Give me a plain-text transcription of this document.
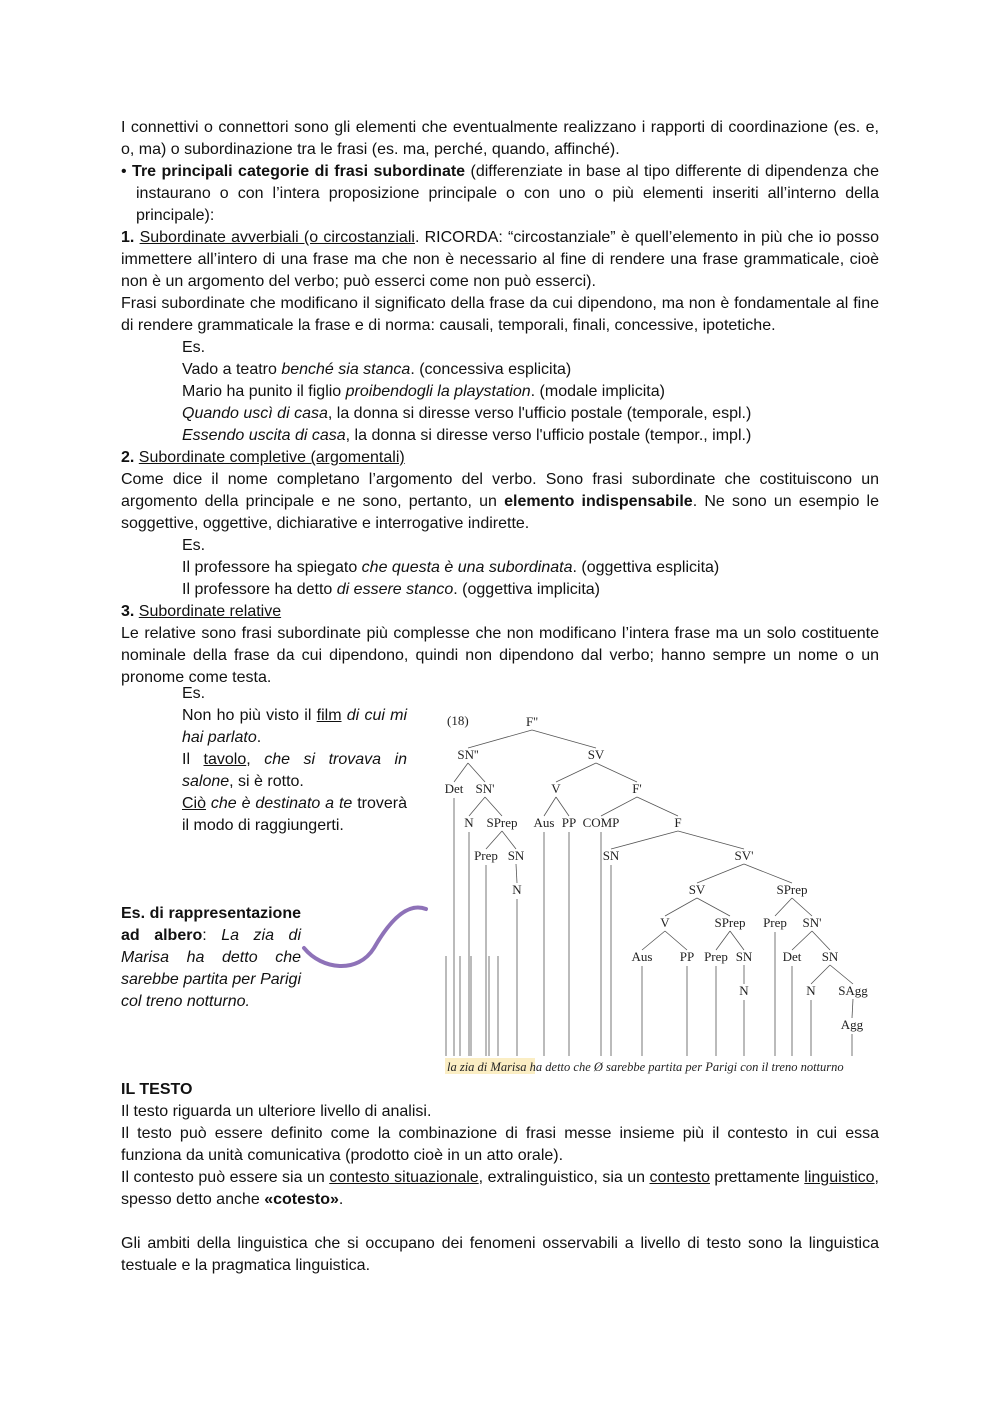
I connettivi o connettori sono gli elementi che eventualmente realizzano i rapporti di coordinazione (es. e, o, ma) o subordinazione tra le frasi (es. ma, perché, quando, affinché).

• Tre principali categorie di frasi subordinate (differenziate in base al tipo differente di dipendenza che instaurano o con l’intera proposizione principale o con uno o più elementi inseriti all’interno della principale):

1. Subordinate avverbiali (o circostanziali. RICORDA: “circostanziale” è quell’elemento in più che io posso immettere all’intero di una frase ma che non è necessario al fine di rendere una frase grammaticale, cioè non è un argomento del verbo; può esserci come non può esserci).

Frasi subordinate che modificano il significato della frase da cui dipendono, ma non è fondamentale al fine di rendere grammaticale la frase e di norma: causali, temporali, finali, concessive, ipotetiche.

Es.

Vado a teatro benché sia stanca. (concessiva esplicita)

Mario ha punito il figlio proibendogli la playstation. (modale implicita)

Quando uscì di casa, la donna si diresse verso l'ufficio postale (temporale, espl.)

Essendo uscita di casa, la donna si diresse verso l'ufficio postale (tempor., impl.)

2. Subordinate completive (argomentali)

Come dice il nome completano l’argomento del verbo. Sono frasi subordinate che costituiscono un argomento della principale e ne sono, pertanto, un elemento indispensabile. Ne sono un esempio le soggettive, oggettive, dichiarative e interrogative indirette.

Es.

Il professore ha spiegato che questa è una subordinata. (oggettiva esplicita)

Il professore ha detto di essere stanco. (oggettiva implicita)

3. Subordinate relative

Le relative sono frasi subordinate più complesse che non modificano l’intera frase ma un solo costituente nominale della frase da cui dipendono, quindi non dipendono dal verbo; hanno sempre un nome o un pronome come testa.

Es.

Non ho più visto il film di cui mi hai parlato.

Il tavolo, che si trovava in salone, si è rotto.

Ciò che è destinato a te troverà il modo di raggiungerti.

Es. di rappresentazione ad albero: La zia di Marisa ha detto che sarebbe partita per Parigi col treno notturno.

IL TESTO

Il testo riguarda un ulteriore livello di analisi.

Il testo può essere definito come la combinazione di frasi messe insieme più il contesto in cui essa funziona da unità comunicativa (prodotto cioè in un atto orale).

Il contesto può essere sia un contesto situazionale, extralinguistico, sia un contesto prettamente linguistico, spesso detto anche «cotesto».

Gli ambiti della linguistica che si occupano dei fenomeni osservabili a livello di testo sono la linguistica testuale e la pragmatica linguistica.

F''
SN''	SV
Det SN'	V	F'
N SPrep Aus PP COMP	F
Prep SN	SN	SV'
N	SV	SPrep
V	SPrep Prep SN'
Aus PP Prep SN Det SN
N	N SAgg
Agg
(18)
la zia di Marisa ha detto che Ø sarebbe partita per Parigi con il treno notturno
